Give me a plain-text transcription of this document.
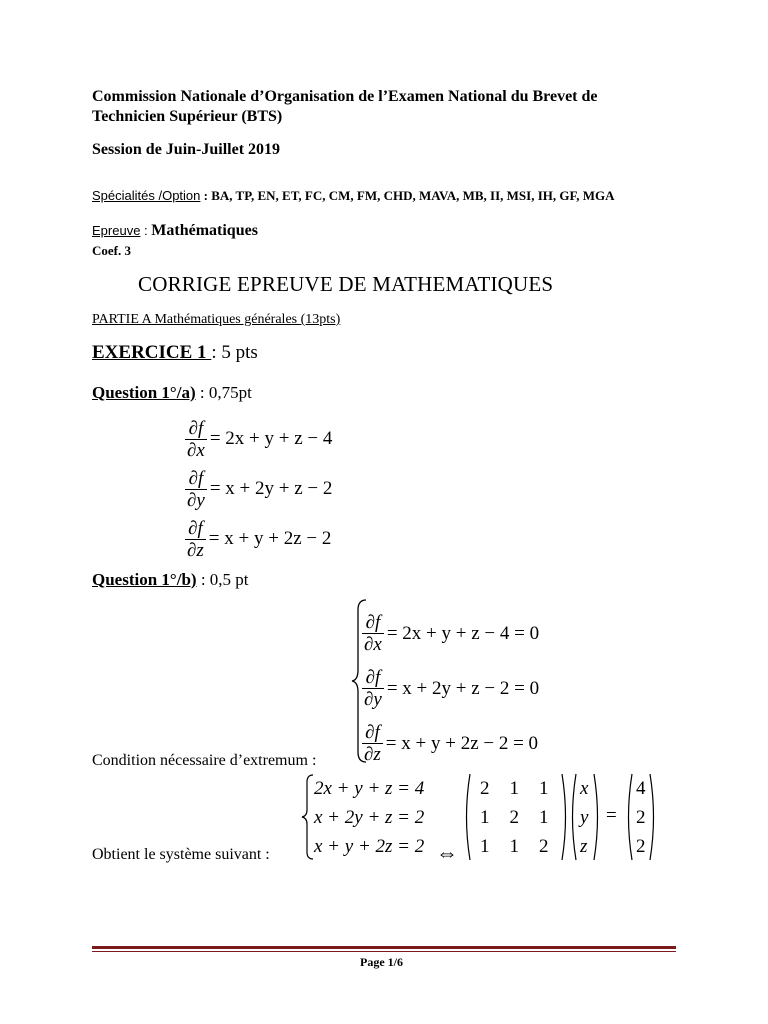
Commission Nationale d’Organisation de l’Examen National du Brevet de
Technicien Supérieur (BTS)
Session de Juin-Juillet 2019
Spécialités /Option : BA, TP, EN, ET, FC, CM, FM, CHD, MAVA, MB, II, MSI, IH, GF, MGA
Epreuve : Mathématiques
Coef. 3
CORRIGE EPREUVE DE MATHEMATIQUES
PARTIE A Mathématiques générales (13pts)
EXERCICE 1 : 5 pts
Question 1°/a) : 0,75pt
$\frac{\partial f}{\partial x} = 2x + y + z - 4$
$\frac{\partial f}{\partial y} = x + 2y + z - 2$
$\frac{\partial f}{\partial z} = x + y + 2z - 2$
Question 1°/b) : 0,5 pt
$\frac{\partial f}{\partial x} = 2x + y + z - 4 = 0$
$\frac{\partial f}{\partial y} = x + 2y + z - 2 = 0$
$\frac{\partial f}{\partial z} = x + y + 2z - 2 = 0$
Condition nécessaire d’extremum :
2x + y + z = 4
x + 2y + z = 2
x + y + 2z = 2 ⇔
2 1 1
1 2 1
1 1 2
x
y
z
=
4
2
2
Obtient le système suivant :
Page 1/6
